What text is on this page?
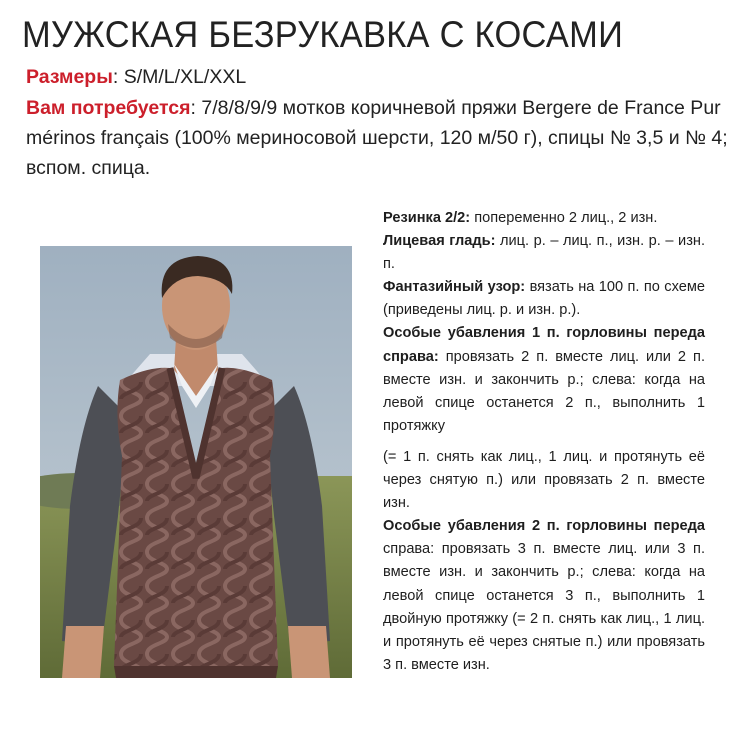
МУЖСКАЯ БЕЗРУКАВКА С КОСАМИ
Размеры: S/M/L/XL/XXL
Вам потребуется: 7/8/8/9/9 мотков коричневой пряжи Bergere de France Pur mérinos français (100% мериносовой шерсти, 120 м/50 г), спицы № 3,5 и № 4; вспом. спица.

Резинка 2/2: попеременно 2 лиц., 2 изн.

Лицевая гладь: лиц. р. – лиц. п., изн. р. – изн. п.

Фантазийный узор: вязать на 100 п. по схеме (приведены лиц. р. и изн. р.).

Особые убавления 1 п. горловины переда справа: провязать 2 п. вместе лиц. или 2 п. вместе изн. и закончить р.; слева: когда на левой спице останется 2 п., выполнить 1 протяжку

(= 1 п. снять как лиц., 1 лиц. и протянуть её через снятую п.) или провязать 2 п. вместе изн.

Особые убавления 2 п. горловины переда справа: провязать 3 п. вместе лиц. или 3 п. вместе изн. и закончить р.; слева: когда на левой спице останется 3 п., выполнить 1 двойную протяжку (= 2 п. снять как лиц., 1 лиц. и протянуть её через снятые п.) или провязать 3 п. вместе изн.
